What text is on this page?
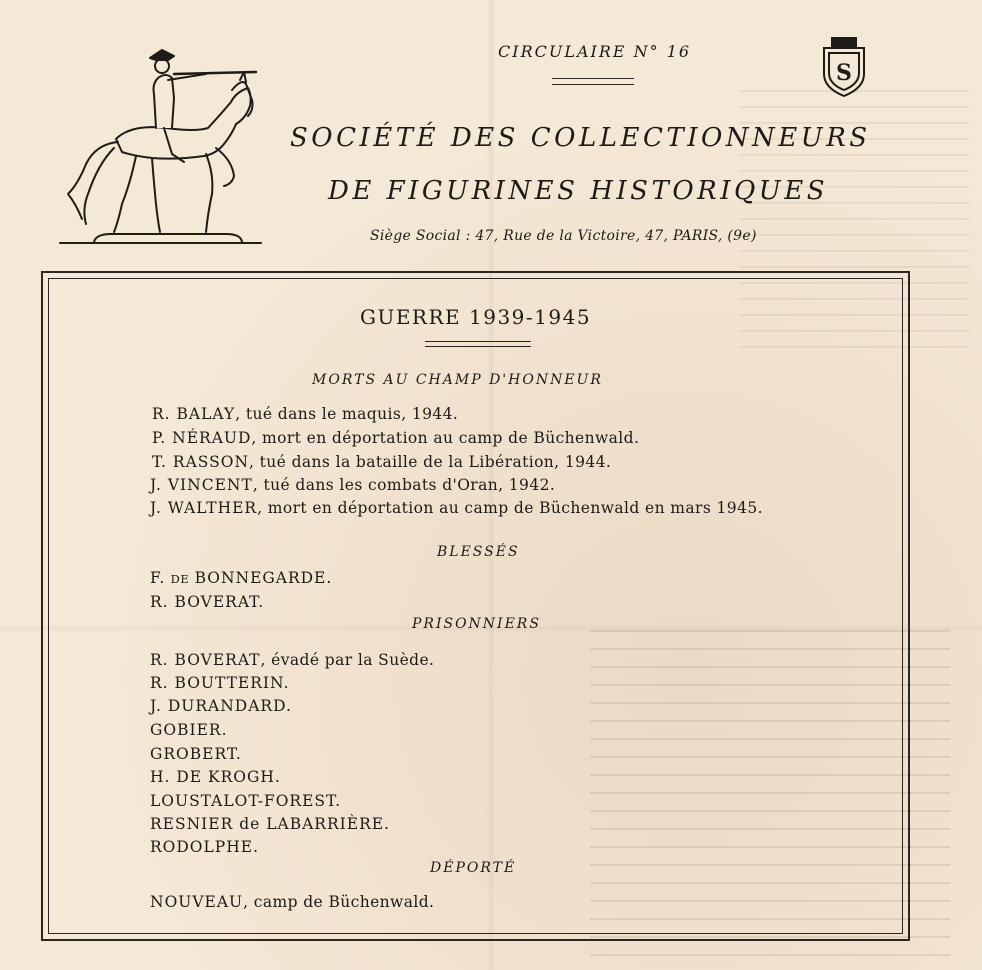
S
CIRCULAIRE N° 16
SOCIÉTÉ DES COLLECTIONNEURS
DE FIGURINES HISTORIQUES
Siège Social : 47, Rue de la Victoire, 47, PARIS, (9e)
GUERRE 1939-1945
MORTS AU CHAMP D'HONNEUR
BLESSÉS
PRISONNIERS
DÉPORTÉ
R. BALAY, tué dans le maquis, 1944.
P. NÉRAUD, mort en déportation au camp de Büchenwald.
T. RASSON, tué dans la bataille de la Libération, 1944.
J. VINCENT, tué dans les combats d'Oran, 1942.
J. WALTHER, mort en déportation au camp de Büchenwald en mars 1945.
F. DE BONNEGARDE.
R. BOVERAT.
R. BOVERAT, évadé par la Suède.
R. BOUTTERIN.
J. DURANDARD.
GOBIER.
GROBERT.
H. DE KROGH.
LOUSTALOT-FOREST.
RESNIER de LABARRIÈRE.
RODOLPHE.
NOUVEAU, camp de Büchenwald.
